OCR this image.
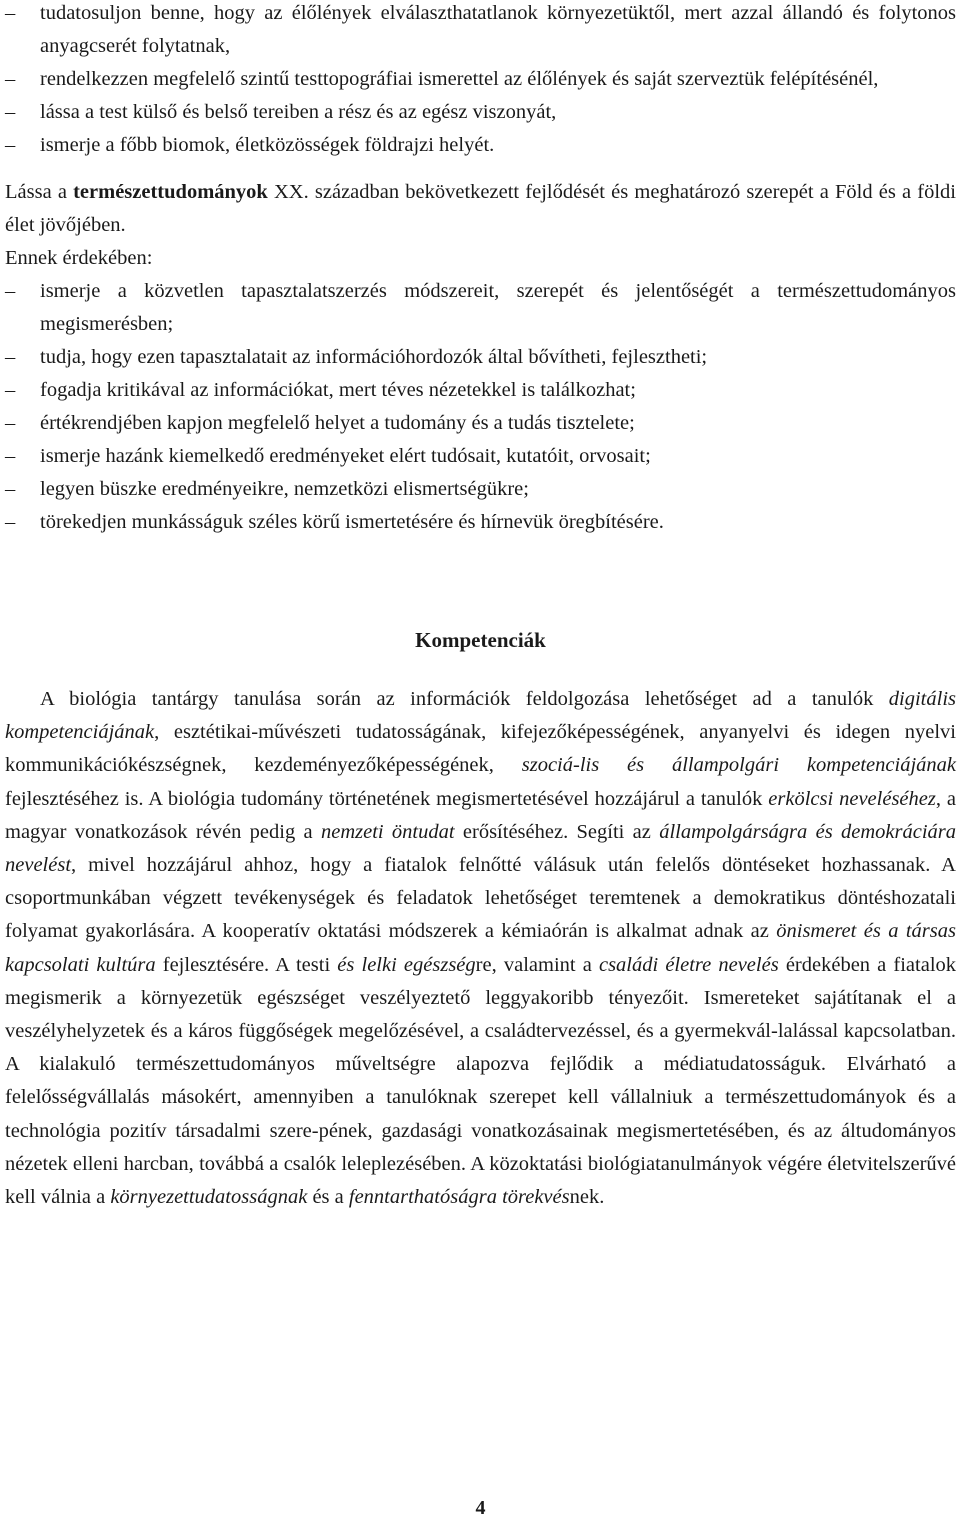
– tudatosuljon benne, hogy az élőlények elválaszthatatlanok környezetüktől, mert azzal állandó és folytonos anyagcserét folytatnak,
– rendelkezzen megfelelő szintű testtopográfiai ismerettel az élőlények és saját szerveztük felépítésénél,
– lássa a test külső és belső tereiben a rész és az egész viszonyát,
– ismerje a főbb biomok, életközösségek földrajzi helyét.

Lássa a természettudományok XX. században bekövetkezett fejlődését és meghatározó szerepét a Föld és a földi élet jövőjében.

Ennek érdekében:

– ismerje a közvetlen tapasztalatszerzés módszereit, szerepét és jelentőségét a természettudományos megismerésben;
– tudja, hogy ezen tapasztalatait az információhordozók által bővítheti, fejlesztheti;
– fogadja kritikával az információkat, mert téves nézetekkel is találkozhat;
– értékrendjében kapjon megfelelő helyet a tudomány és a tudás tisztelete;
– ismerje hazánk kiemelkedő eredményeket elért tudósait, kutatóit, orvosait;
– legyen büszke eredményeikre, nemzetközi elismertségükre;
– törekedjen munkásságuk széles körű ismertetésére és hírnevük öregbítésére.
Kompetenciák

A biológia tantárgy tanulása során az információk feldolgozása lehetőséget ad a tanulók digitális kompetenciájának, esztétikai-művészeti tudatosságának, kifejezőképességének, anyanyelvi és idegen nyelvi kommunikációkészségnek, kezdeményezőképességének, szociá-lis és állampolgári kompetenciájának fejlesztéséhez is. A biológia tudomány történetének megismertetésével hozzájárul a tanulók erkölcsi neveléséhez, a magyar vonatkozások révén pedig a nemzeti öntudat erősítéséhez. Segíti az állampolgárságra és demokráciára nevelést, mivel hozzájárul ahhoz, hogy a fiatalok felnőtté válásuk után felelős döntéseket hozhassanak. A csoportmunkában végzett tevékenységek és feladatok lehetőséget teremtenek a demokratikus döntéshozatali folyamat gyakorlására. A kooperatív oktatási módszerek a kémiaórán is alkalmat adnak az önismeret és a társas kapcsolati kultúra fejlesztésére. A testi és lelki egészségre, valamint a családi életre nevelés érdekében a fiatalok megismerik a környezetük egészséget veszélyeztető leggyakoribb tényezőit. Ismereteket sajátítanak el a veszélyhelyzetek és a káros függőségek megelőzésével, a családtervezéssel, és a gyermekvál-lalással kapcsolatban. A kialakuló természettudományos műveltségre alapozva fejlődik a médiatudatosságuk. Elvárható a felelősségvállalás másokért, amennyiben a tanulóknak szerepet kell vállalniuk a természettudományok és a technológia pozitív társadalmi szere-pének, gazdasági vonatkozásainak megismertetésében, és az áltudományos nézetek elleni harcban, továbbá a csalók leleplezésében. A közoktatási biológiatanulmányok végére életvitelszerűvé kell válnia a környezettudatosságnak és a fenntarthatóságra törekvésnek.

4
